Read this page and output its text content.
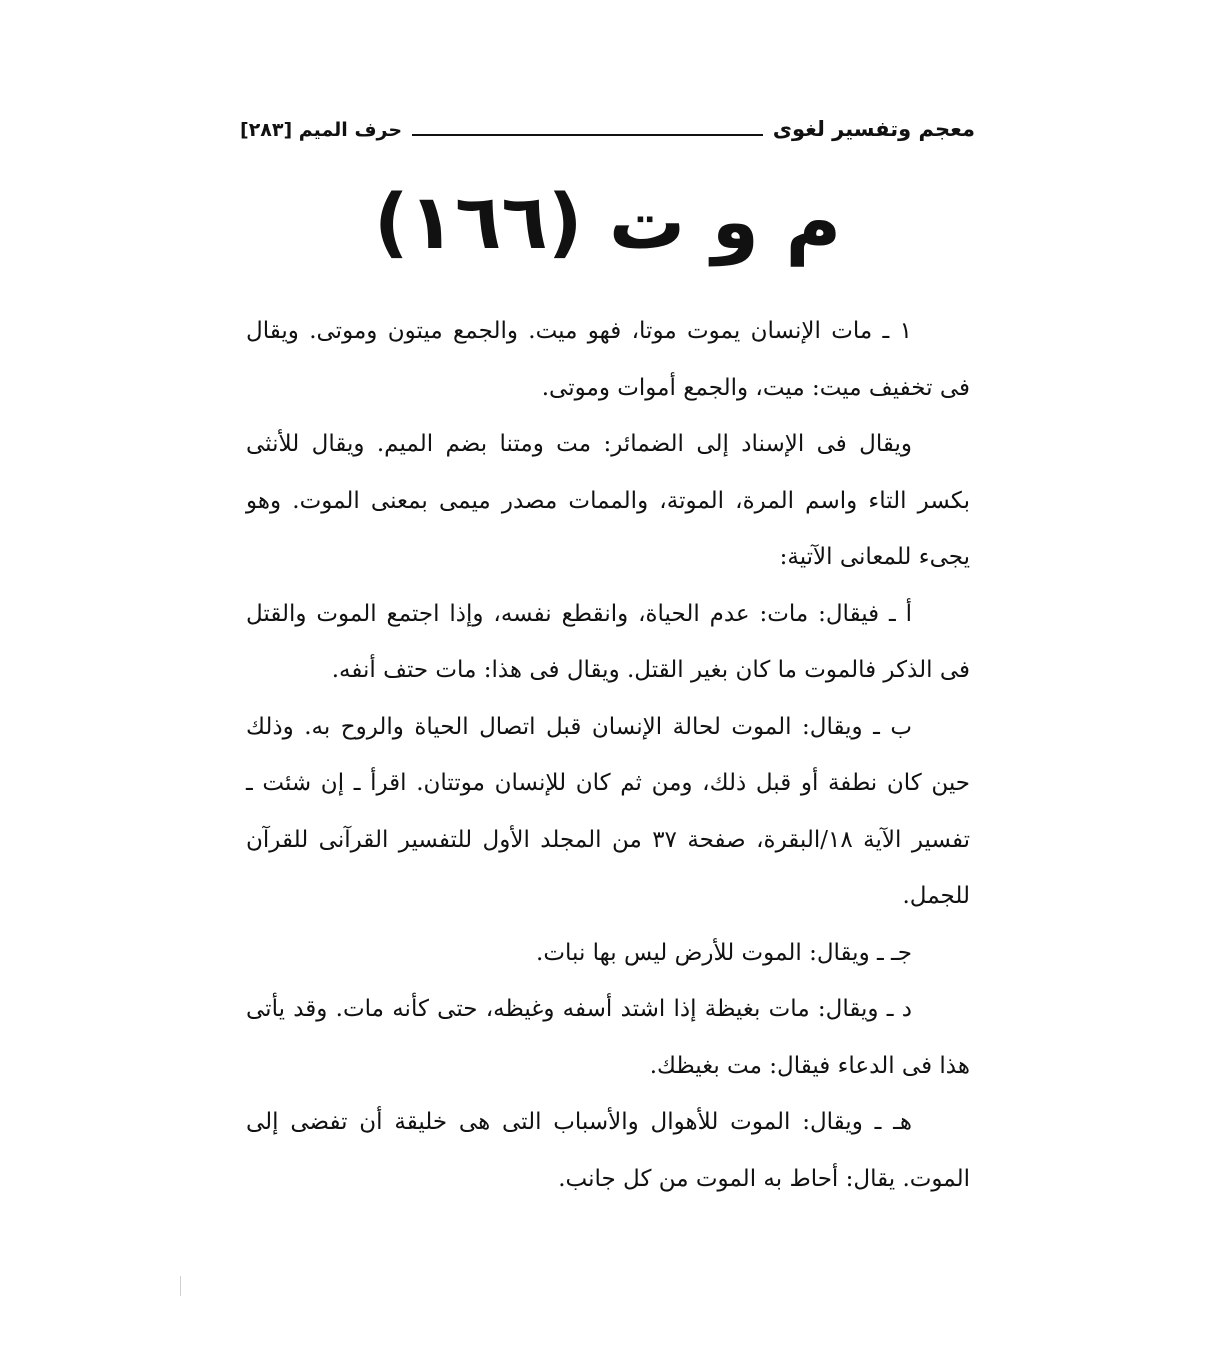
معجم وتفسير لغوى
حرف الميم [٢٨٣]
م و ت (١٦٦)

١ ـ مات الإنسان يموت موتا، فهو ميت. والجمع ميتون وموتى. ويقال فى تخفيف ميت: ميت، والجمع أموات وموتى.

ويقال فى الإسناد إلى الضمائر: مت ومتنا بضم الميم. ويقال للأنثى بكسر التاء واسم المرة، الموتة، والممات مصدر ميمى بمعنى الموت. وهو يجىء للمعانى الآتية:

أ ـ فيقال: مات: عدم الحياة، وانقطع نفسه، وإذا اجتمع الموت والقتل فى الذكر فالموت ما كان بغير القتل. ويقال فى هذا: مات حتف أنفه.

ب ـ ويقال: الموت لحالة الإنسان قبل اتصال الحياة والروح به. وذلك حين كان نطفة أو قبل ذلك، ومن ثم كان للإنسان موتتان. اقرأ ـ إن شئت ـ تفسير الآية ١٨/البقرة، صفحة ٣٧ من المجلد الأول للتفسير القرآنى للقرآن للجمل.

جـ ـ ويقال: الموت للأرض ليس بها نبات.

د ـ ويقال: مات بغيظة إذا اشتد أسفه وغيظه، حتى كأنه مات. وقد يأتى هذا فى الدعاء فيقال: مت بغيظك.

هـ ـ ويقال: الموت للأهوال والأسباب التى هى خليقة أن تفضى إلى الموت. يقال: أحاط به الموت من كل جانب.
